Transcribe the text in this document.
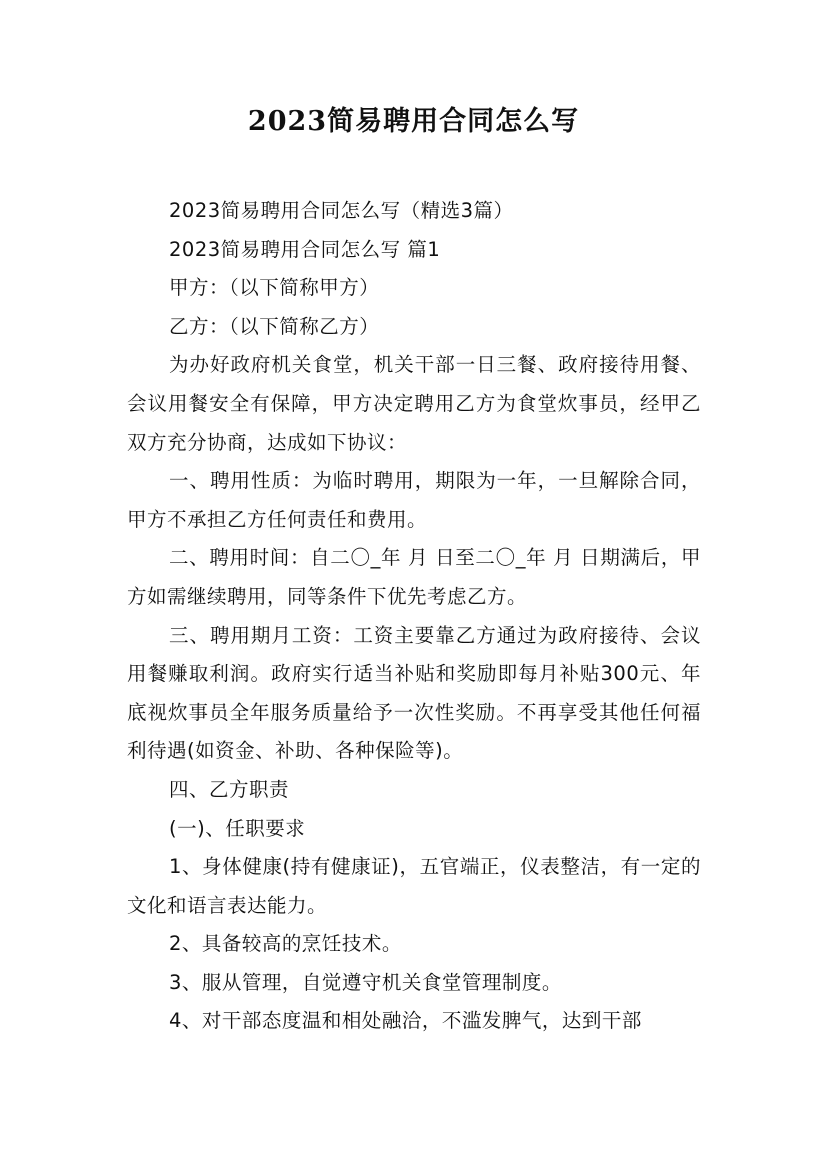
2023简易聘用合同怎么写

2023简易聘用合同怎么写（精选3篇）

2023简易聘用合同怎么写 篇1

甲方：（以下简称甲方）

乙方：（以下简称乙方）

为办好政府机关食堂，机关干部一日三餐、政府接待用餐、会议用餐安全有保障，甲方决定聘用乙方为食堂炊事员，经甲乙双方充分协商，达成如下协议：

一、聘用性质：为临时聘用，期限为一年，一旦解除合同，甲方不承担乙方任何责任和费用。

二、聘用时间：自二〇_年 月 日至二〇_年 月 日期满后，甲方如需继续聘用，同等条件下优先考虑乙方。

三、聘用期月工资：工资主要靠乙方通过为政府接待、会议用餐赚取利润。政府实行适当补贴和奖励即每月补贴300元、年底视炊事员全年服务质量给予一次性奖励。不再享受其他任何福利待遇(如资金、补助、各种保险等)。

四、乙方职责

(一)、任职要求

1、身体健康(持有健康证)，五官端正，仪表整洁，有一定的文化和语言表达能力。

2、具备较高的烹饪技术。

3、服从管理，自觉遵守机关食堂管理制度。

4、对干部态度温和相处融洽，不滥发脾气，达到干部
